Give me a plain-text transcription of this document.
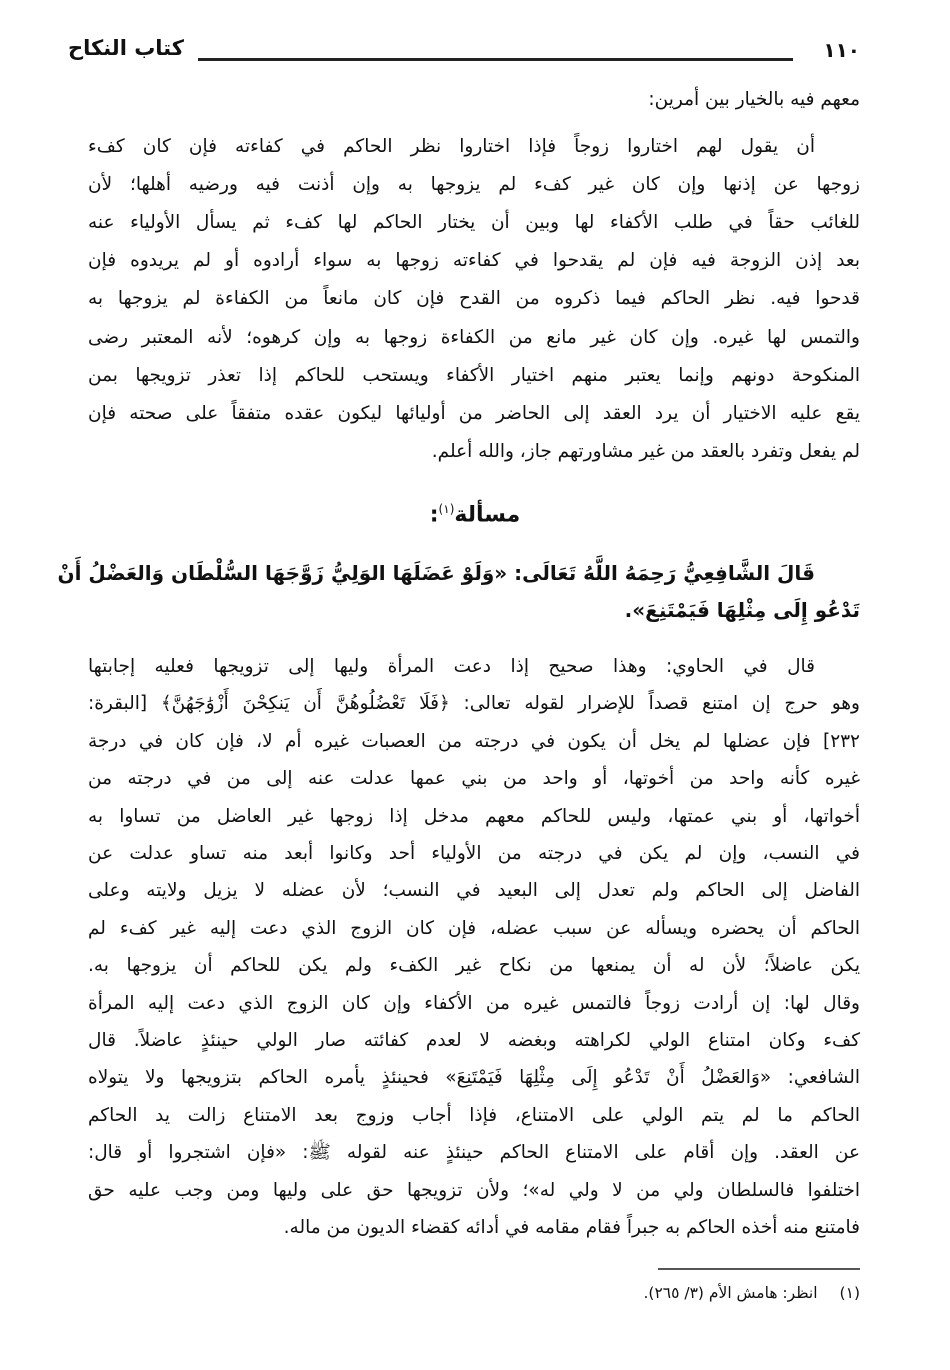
١١٠
كتاب النكاح
معهم فيه بالخيار بين أمرين:
أن يقول لهم اختاروا زوجاً فإذا اختاروا نظر الحاكم في كفاءته فإن كان كفء
زوجها عن إذنها وإن كان غير كفء لم يزوجها به وإن أذنت فيه ورضيه أهلها؛ لأن
للغائب حقاً في طلب الأكفاء لها وبين أن يختار الحاكم لها كفء ثم يسأل الأولياء عنه
بعد إذن الزوجة فيه فإن لم يقدحوا في كفاءته زوجها به سواء أرادوه أو لم يريدوه فإن
قدحوا فيه. نظر الحاكم فيما ذكروه من القدح فإن كان مانعاً من الكفاءة لم يزوجها به
والتمس لها غيره. وإن كان غير مانع من الكفاءة زوجها به وإن كرهوه؛ لأنه المعتبر رضى
المنكوحة دونهم وإنما يعتبر منهم اختيار الأكفاء ويستحب للحاكم إذا تعذر تزويجها بمن
يقع عليه الاختيار أن يرد العقد إلى الحاضر من أوليائها ليكون عقده متفقاً على صحته فإن
لم يفعل وتفرد بالعقد من غير مشاورتهم جاز، والله أعلم.
قَالَ الشَّافِعِيُّ رَحِمَهُ اللَّهُ تَعَالَى: «وَلَوْ عَضَلَهَا الوَلِيُّ زَوَّجَهَا السُّلْطَان وَالعَضْلُ أَنْ
تَدْعُو إِلَى مِثْلِهَا فَيَمْتَنِعَ».
قال في الحاوي: وهذا صحيح إذا دعت المرأة وليها إلى تزويجها فعليه إجابتها
وهو حرج إن امتنع قصداً للإضرار لقوله تعالى: ﴿فَلَا تَعْضُلُوهُنَّ أَن يَنكِحْنَ أَزْوَٰجَهُنَّ﴾ [البقرة:
٢٣٢] فإن عضلها لم يخل أن يكون في درجته من العصبات غيره أم لا، فإن كان في درجة
غيره كأنه واحد من أخوتها، أو واحد من بني عمها عدلت عنه إلى من في درجته من
أخواتها، أو بني عمتها، وليس للحاكم معهم مدخل إذا زوجها غير العاضل من تساوا به
في النسب، وإن لم يكن في درجته من الأولياء أحد وكانوا أبعد منه تساو عدلت عن
الفاضل إلى الحاكم ولم تعدل إلى البعيد في النسب؛ لأن عضله لا يزيل ولايته وعلى
الحاكم أن يحضره ويسأله عن سبب عضله، فإن كان الزوج الذي دعت إليه غير كفء لم
يكن عاضلاً؛ لأن له أن يمنعها من نكاح غير الكفء ولم يكن للحاكم أن يزوجها به.
وقال لها: إن أرادت زوجاً فالتمس غيره من الأكفاء وإن كان الزوج الذي دعت إليه المرأة
كفء وكان امتناع الولي لكراهته وبغضه لا لعدم كفائته صار الولي حينئذٍ عاضلاً. قال
الشافعي: «وَالعَضْلُ أَنْ تَدْعُو إِلَى مِثْلِهَا فَيَمْتَنِعَ» فحينئذٍ يأمره الحاكم بتزويجها ولا يتولاه
الحاكم ما لم يتم الولي على الامتناع، فإذا أجاب وزوج بعد الامتناع زالت يد الحاكم
عن العقد. وإن أقام على الامتناع الحاكم حينئذٍ عنه لقوله ﷺ: «فإن اشتجروا أو قال:
اختلفوا فالسلطان ولي من لا ولي له»؛ ولأن تزويجها حق على وليها ومن وجب عليه حق
فامتنع منه أخذه الحاكم به جبراً فقام مقامه في أدائه كقضاء الديون من ماله.
مسألة$^{(١)}$:
(١)انظر: هامش الأم (٣/ ٢٦٥).
